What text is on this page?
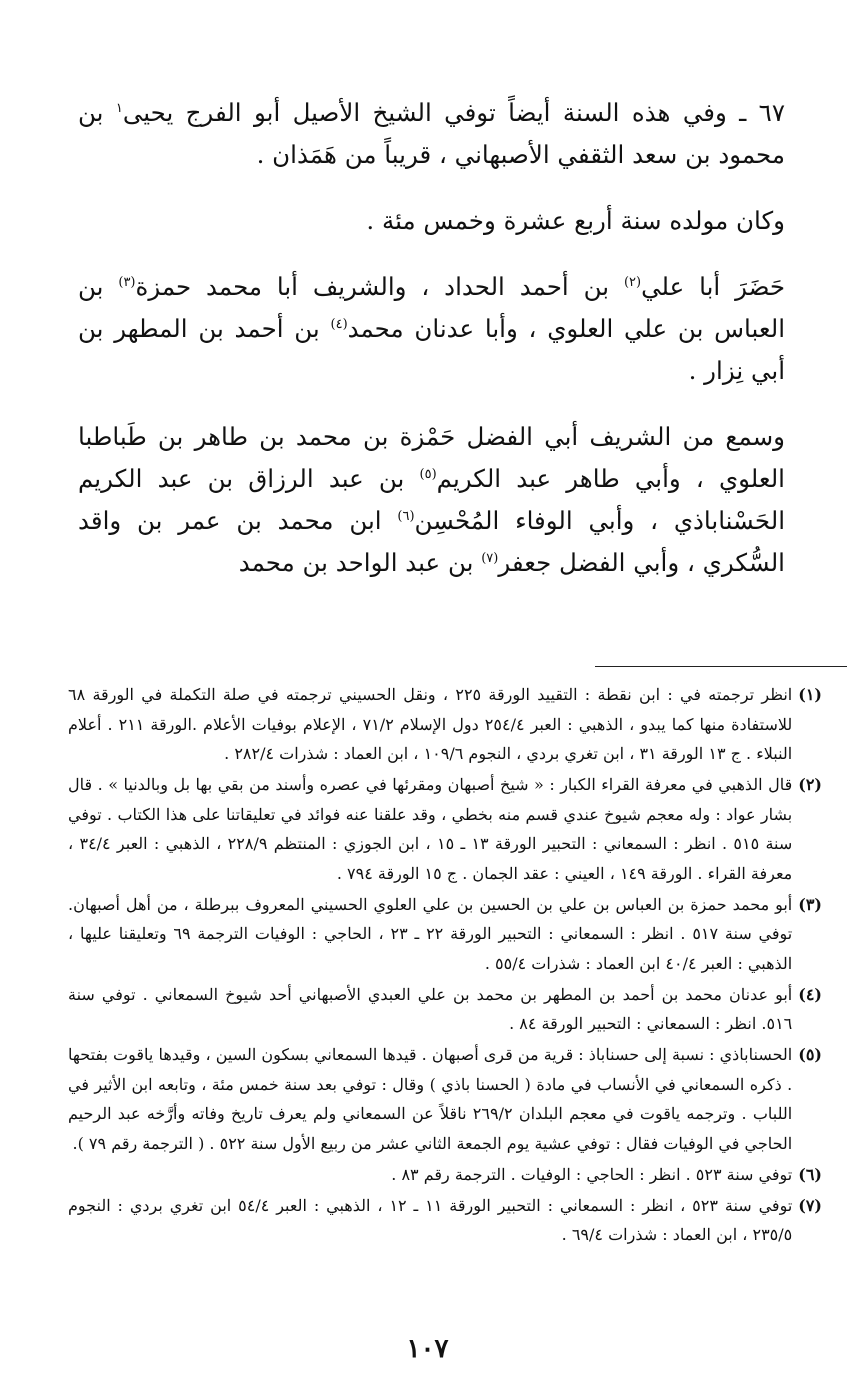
٦٧ ـ وفي هذه السنة أيضاً توفي الشيخ الأصيل أبو الفرج يحيى$^١$ بن محمود بن سعد الثقفي الأصبهاني ، قريباً من هَمَذان .

وكان مولده سنة أربع عشرة وخمس مئة .

حَضَرَ أبا علي$^{(٢)}$ بن أحمد الحداد ، والشريف أبا محمد حمزة$^{(٣)}$ بن العباس بن علي العلوي ، وأبا عدنان محمد$^{(٤)}$ بن أحمد بن المطهر بن أبي نِزار .

وسمع من الشريف أبي الفضل حَمْزة بن محمد بن طاهر بن طَباطبا العلوي ، وأبي طاهر عبد الكريم$^{(٥)}$ بن عبد الرزاق بن عبد الكريم الحَسْناباذي ، وأبي الوفاء المُحْسِن$^{(٦)}$ ابن محمد بن عمر بن واقد السُّكري ، وأبي الفضل جعفر$^{(٧)}$ بن عبد الواحد بن محمد

(١)
انظر ترجمته في : ابن نقطة : التقييد الورقة ٢٢٥ ، ونقل الحسيني ترجمته في صلة التكملة في الورقة ٦٨ للاستفادة منها كما يبدو ، الذهبي : العبر ٢٥٤/٤ دول الإسلام ٧١/٢ ، الإعلام بوفيات الأعلام .الورقة ٢١١ . أعلام النبلاء . ج ١٣ الورقة ٣١ ، ابن تغري بردي ، النجوم ١٠٩/٦ ، ابن العماد : شذرات ٢٨٢/٤ .
(٢)
قال الذهبي في معرفة القراء الكبار : « شيخ أصبهان ومقرئها في عصره وأسند من بقي بها بل وبالدنيا » . قال بشار عواد : وله معجم شيوخ عندي قسم منه بخطي ، وقد علقنا عنه فوائد في تعليقاتنا على هذا الكتاب . توفي سنة ٥١٥ . انظر : السمعاني : التحبير الورقة ١٣ ـ ١٥ ، ابن الجوزي : المنتظم ٢٢٨/٩ ، الذهبي : العبر ٣٤/٤ ، معرفة القراء . الورقة ١٤٩ ، العيني : عقد الجمان . ج ١٥ الورقة ٧٩٤ .
(٣)
أبو محمد حمزة بن العباس بن علي بن الحسين بن علي العلوي الحسيني المعروف ببرطلة ، من أهل أصبهان. توفي سنة ٥١٧ . انظر : السمعاني : التحبير الورقة ٢٢ ـ ٢٣ ، الحاجي : الوفيات الترجمة ٦٩ وتعليقنا عليها ، الذهبي : العبر ٤٠/٤ ابن العماد : شذرات ٥٥/٤ .
(٤)
أبو عدنان محمد بن أحمد بن المطهر بن محمد بن علي العبدي الأصبهاني أحد شيوخ السمعاني . توفي سنة ٥١٦. انظر : السمعاني : التحبير الورقة ٨٤ .
(٥)
الحسناباذي : نسبة إلى حسناباذ : قرية من قرى أصبهان . قيدها السمعاني بسكون السين ، وقيدها ياقوت بفتحها . ذكره السمعاني في الأنساب في مادة ( الحسنا باذي ) وقال : توفي بعد سنة خمس مئة ، وتابعه ابن الأثير في اللباب . وترجمه ياقوت في معجم البلدان ٢٦٩/٢ ناقلاً عن السمعاني ولم يعرف تاريخ وفاته وأرَّخه عبد الرحيم الحاجي في الوفيات فقال : توفي عشية يوم الجمعة الثاني عشر من ربيع الأول سنة ٥٢٢ . ( الترجمة رقم ٧٩ ).
(٦)
توفي سنة ٥٢٣ . انظر : الحاجي : الوفيات . الترجمة رقم ٨٣ .
(٧)
توفي سنة ٥٢٣ ، انظر : السمعاني : التحبير الورقة ١١ ـ ١٢ ، الذهبي : العبر ٥٤/٤ ابن تغري بردي : النجوم ٢٣٥/٥ ، ابن العماد : شذرات ٦٩/٤ .
١٠٧
